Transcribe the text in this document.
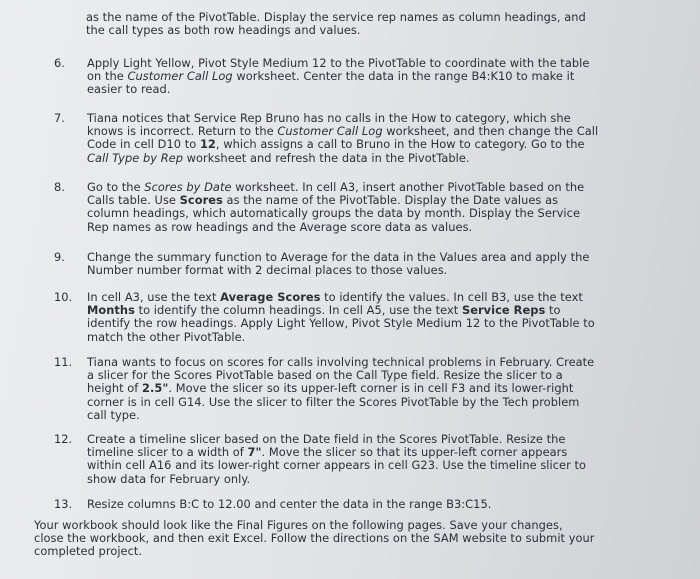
as the name of the PivotTable. Display the service rep names as column headings, and
the call types as both row headings and values.
6. Apply Light Yellow, Pivot Style Medium 12 to the PivotTable to coordinate with the table
on the Customer Call Log worksheet. Center the data in the range B4:K10 to make it
easier to read.
7. Tiana notices that Service Rep Bruno has no calls in the How to category, which she
knows is incorrect. Return to the Customer Call Log worksheet, and then change the Call
Code in cell D10 to 12, which assigns a call to Bruno in the How to category. Go to the
Call Type by Rep worksheet and refresh the data in the PivotTable.
8. Go to the Scores by Date worksheet. In cell A3, insert another PivotTable based on the
Calls table. Use Scores as the name of the PivotTable. Display the Date values as
column headings, which automatically groups the data by month. Display the Service
Rep names as row headings and the Average score data as values.
9. Change the summary function to Average for the data in the Values area and apply the
Number number format with 2 decimal places to those values.
10. In cell A3, use the text Average Scores to identify the values. In cell B3, use the text
Months to identify the column headings. In cell A5, use the text Service Reps to
identify the row headings. Apply Light Yellow, Pivot Style Medium 12 to the PivotTable to
match the other PivotTable.
11. Tiana wants to focus on scores for calls involving technical problems in February. Create
a slicer for the Scores PivotTable based on the Call Type field. Resize the slicer to a
height of 2.5". Move the slicer so its upper-left corner is in cell F3 and its lower-right
corner is in cell G14. Use the slicer to filter the Scores PivotTable by the Tech problem
call type.
12. Create a timeline slicer based on the Date field in the Scores PivotTable. Resize the
timeline slicer to a width of 7". Move the slicer so that its upper-left corner appears
within cell A16 and its lower-right corner appears in cell G23. Use the timeline slicer to
show data for February only.
13. Resize columns B:C to 12.00 and center the data in the range B3:C15.
Your workbook should look like the Final Figures on the following pages. Save your changes,
close the workbook, and then exit Excel. Follow the directions on the SAM website to submit your
completed project.
